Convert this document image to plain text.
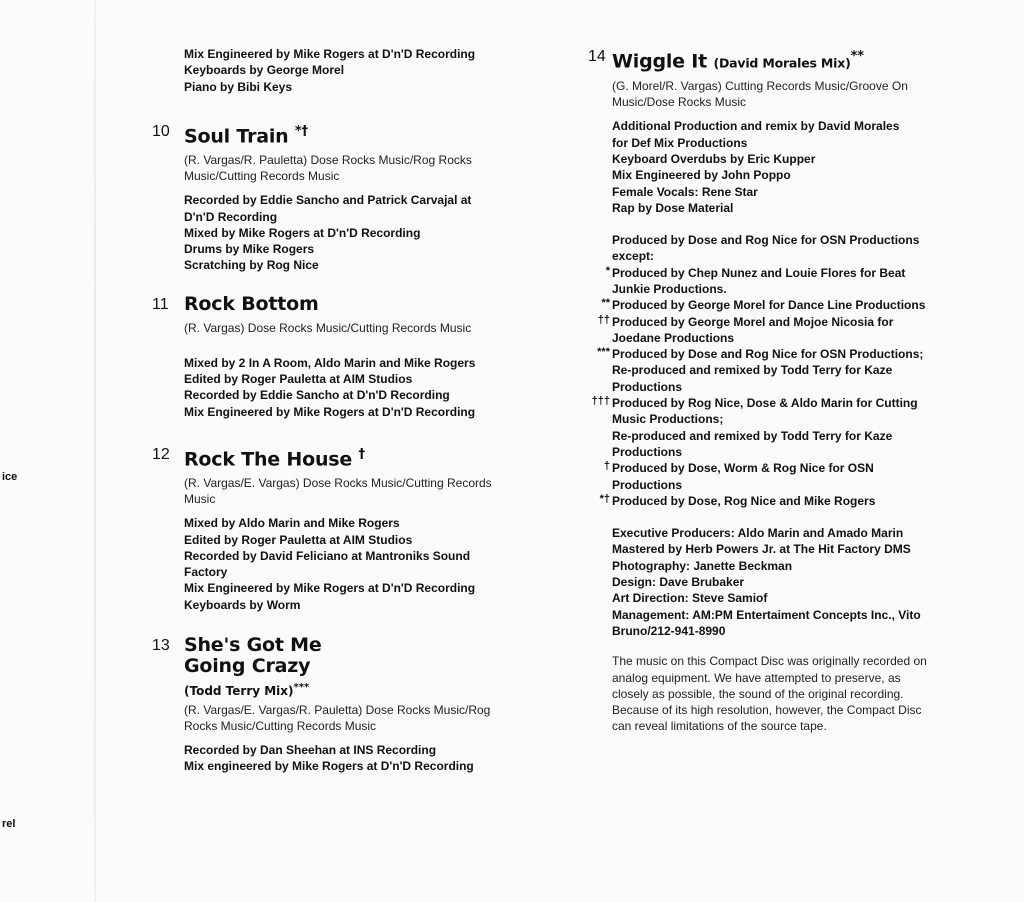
ice
rel
Mix Engineered by Mike Rogers at D'n'D Recording
Keyboards by George Morel
Piano by Bibi Keys
10 Soul Train *†
(R. Vargas/R. Pauletta) Dose Rocks Music/Rog Rocks
Music/Cutting Records Music
Recorded by Eddie Sancho and Patrick Carvajal at
D'n'D Recording
Mixed by Mike Rogers at D'n'D Recording
Drums by Mike Rogers
Scratching by Rog Nice
11 Rock Bottom
(R. Vargas) Dose Rocks Music/Cutting Records Music
Mixed by 2 In A Room, Aldo Marin and Mike Rogers
Edited by Roger Pauletta at AIM Studios
Recorded by Eddie Sancho at D'n'D Recording
Mix Engineered by Mike Rogers at D'n'D Recording
12 Rock The House †
(R. Vargas/E. Vargas) Dose Rocks Music/Cutting Records
Music
Mixed by Aldo Marin and Mike Rogers
Edited by Roger Pauletta at AIM Studios
Recorded by David Feliciano at Mantroniks Sound
Factory
Mix Engineered by Mike Rogers at D'n'D Recording
Keyboards by Worm
13 She's Got Me
Going Crazy
(Todd Terry Mix)***
(R. Vargas/E. Vargas/R. Pauletta) Dose Rocks Music/Rog
Rocks Music/Cutting Records Music
Recorded by Dan Sheehan at INS Recording
Mix engineered by Mike Rogers at D'n'D Recording
14 Wiggle It (David Morales Mix)**
(G. Morel/R. Vargas) Cutting Records Music/Groove On
Music/Dose Rocks Music
Additional Production and remix by David Morales
for Def Mix Productions
Keyboard Overdubs by Eric Kupper
Mix Engineered by John Poppo
Female Vocals: Rene Star
Rap by Dose Material
Produced by Dose and Rog Nice for OSN Productions
except:
* Produced by Chep Nunez and Louie Flores for Beat
Junkie Productions.
** Produced by George Morel for Dance Line Productions
†† Produced by George Morel and Mojoe Nicosia for
Joedane Productions
*** Produced by Dose and Rog Nice for OSN Productions;
Re-produced and remixed by Todd Terry for Kaze
Productions
††† Produced by Rog Nice, Dose & Aldo Marin for Cutting
Music Productions;
Re-produced and remixed by Todd Terry for Kaze
Productions
† Produced by Dose, Worm & Rog Nice for OSN
Productions
*† Produced by Dose, Rog Nice and Mike Rogers
Executive Producers: Aldo Marin and Amado Marin
Mastered by Herb Powers Jr. at The Hit Factory DMS
Photography: Janette Beckman
Design: Dave Brubaker
Art Direction: Steve Samiof
Management: AM:PM Entertaiment Concepts Inc., Vito
Bruno/212-941-8990
The music on this Compact Disc was originally recorded on
analog equipment. We have attempted to preserve, as
closely as possible, the sound of the original recording.
Because of its high resolution, however, the Compact Disc
can reveal limitations of the source tape.
